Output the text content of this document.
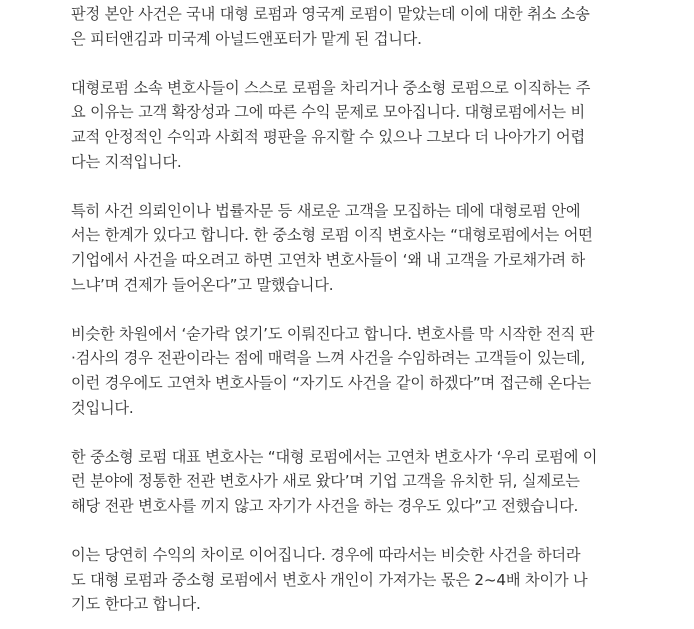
판정 본안 사건은 국내 대형 로펌과 영국계 로펌이 맡았는데 이에 대한 취소 소송
은 피터앤김과 미국계 아널드앤포터가 맡게 된 겁니다.

대형로펌 소속 변호사들이 스스로 로펌을 차리거나 중소형 로펌으로 이직하는 주
요 이유는 고객 확장성과 그에 따른 수익 문제로 모아집니다. 대형로펌에서는 비
교적 안정적인 수익과 사회적 평판을 유지할 수 있으나 그보다 더 나아가기 어렵
다는 지적입니다.

특히 사건 의뢰인이나 법률자문 등 새로운 고객을 모집하는 데에 대형로펌 안에
서는 한계가 있다고 합니다. 한 중소형 로펌 이직 변호사는 “대형로펌에서는 어떤
기업에서 사건을 따오려고 하면 고연차 변호사들이 ‘왜 내 고객을 가로채가려 하
느냐’며 견제가 들어온다”고 말했습니다.

비슷한 차원에서 ‘숟가락 얹기’도 이뤄진다고 합니다. 변호사를 막 시작한 전직 판
·검사의 경우 전관이라는 점에 매력을 느껴 사건을 수임하려는 고객들이 있는데,
이런 경우에도 고연차 변호사들이 “자기도 사건을 같이 하겠다”며 접근해 온다는
것입니다.

한 중소형 로펌 대표 변호사는 “대형 로펌에서는 고연차 변호사가 ‘우리 로펌에 이
런 분야에 정통한 전관 변호사가 새로 왔다’며 기업 고객을 유치한 뒤, 실제로는
해당 전관 변호사를 끼지 않고 자기가 사건을 하는 경우도 있다”고 전했습니다.

이는 당연히 수익의 차이로 이어집니다. 경우에 따라서는 비슷한 사건을 하더라
도 대형 로펌과 중소형 로펌에서 변호사 개인이 가져가는 몫은 2~4배 차이가 나
기도 한다고 합니다.
